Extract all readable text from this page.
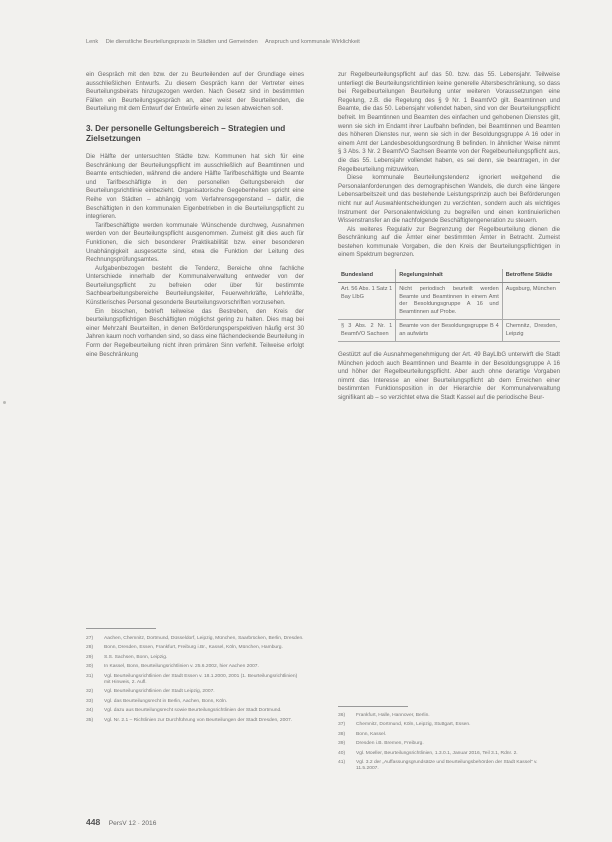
Lenk Die dienstliche Beurteilungspraxis in Städten und Gemeinden Anspruch und kommunale Wirklichkeit

ein Gespräch mit den bzw. der zu Beurteilenden auf der Grundlage eines ausschließlichen Entwurfs. Zu diesem Gespräch kann der Vertreter eines Beurteilungsbeirats hinzugezogen werden. Nach Gesetz sind in bestimmten Fällen ein Beurteilungsgespräch an, aber weist der Beurteilenden, die Beurteilung mit dem Entwurf der Entwürfe einen zu lesen abweichen soll.

3. Der personelle Geltungsbereich – Strategien und Zielsetzungen

Die Hälfte der untersuchten Städte bzw. Kommunen hat sich für eine Beschränkung der Beurteilungspflicht im ausschließlich auf Beamtinnen und Beamte entschieden, während die andere Hälfte Tarifbeschäftigte und Beamte und Tarifbeschäftigte in den personellen Geltungsbereich der Beurteilungsrichtlinie einbezieht. Organisatorische Gegebenheiten spricht eine Reihe von Städten – abhängig vom Verfahrensgegenstand – dafür, die Beschäftigten in den kommunalen Eigenbetrieben in die Beurteilungspflicht zu integrieren.

Tarifbeschäftigte werden kommunale Wünschende durchweg, Ausnahmen werden von der Beurteilungspflicht ausgenommen. Zumeist gilt dies auch für Funktionen, die sich besonderer Praktikabilität bzw. einer besonderen Unabhängigkeit ausgesetzte sind, etwa die Funktion der Leitung des Rechnungsprüfungsamtes.

Aufgabenbezogen besteht die Tendenz, Bereiche ohne fachliche Unterschiede innerhalb der Kommunalverwaltung entweder von der Beurteilungspflicht zu befreien oder über für bestimmte Sachbearbeitungsbereiche Beurteilungsleiter, Feuerwehrkräfte, Lehrkräfte, Künstlerisches Personal gesonderte Beurteilungsvorschriften vorzusehen.

Ein bisschen, betrieft teilweise das Bestreben, den Kreis der beurteilungspflichtigen Beschäftigten möglichst gering zu halten. Dies mag bei einer Mehrzahl Beurteilten, in denen Beförderungsperspektiven häufig erst 30 Jahren kaum noch vorhanden sind, so dass eine flächendeckende Beurteilung in Form der Regelbeurteilung nicht ihren primären Sinn verfehlt. Teilweise erfolgt eine Beschränkung

27)	Aachen, Chemnitz, Dortmund, Düsseldorf, Leipzig, München, Saarbrücken, Berlin, Dresden.
28)	Bonn, Dresden, Essen, Frankfurt, Freiburg i.Br., Kassel, Köln, München, Hamburg.
29)	S.S. Sachsen, Bonn, Leipzig.
30)	In Kassel, Bonn, Beurteilungsrichtlinien v. 25.6.2002, hier Aachen 2007.
31)	Vgl. Beurteilungsrichtlinien der Stadt Essen v. 18.1.2000, 2001 (1. Beurteilungsrichtlinien) mit Hinweis, 2. Aufl.
32)	Vgl. Beurteilungsrichtlinien der Stadt Leipzig, 2007.
33)	Vgl. das Beurteilungsrecht in Berlin, Aachen, Bonn, Köln.
34)	Vgl. dazu aus Beurteilungsrecht sowie Beurteilungsrichtlinien der Stadt Dortmund.
35)	Vgl. Nr. 2.1 – Richtlinien zur Durchführung von Beurteilungen der Stadt Dresden, 2007.

zur Regelbeurteilungspflicht auf das 50. bzw. das 55. Lebensjahr. Teilweise unterliegt die Beurteilungsrichtlinien keine generelle Altersbeschränkung, so dass bei Regelbeurteilungen Beurteilung unter weiteren Voraussetzungen eine Regelung, z.B. die Regelung des § 9 Nr. 1 BeamtVO gilt. Beamtinnen und Beamte, die das 50. Lebensjahr vollendet haben, sind von der Beurteilungspflicht befreit. Im Beamtinnen und Beamten des einfachen und gehobenen Dienstes gilt, wenn sie sich im Endamt ihrer Laufbahn befinden, bei Beamtinnen und Beamten des höheren Dienstes nur, wenn sie sich in der Besoldungsgruppe A 16 oder in einem Amt der Landesbesoldungsordnung B befinden. In ähnlicher Weise nimmt § 3 Abs. 3 Nr. 2 BeamtVO Sachsen Beamte von der Regelbeurteilungspflicht aus, die das 55. Lebensjahr vollendet haben, es sei denn, sie beantragen, in der Regelbeurteilung mitzuwirken.

Diese kommunale Beurteilungstendenz ignoriert weitgehend die Personalanforderungen des demographischen Wandels, die durch eine längere Lebensarbeitszeit und das bestehende Leistungsprinzip auch bei Beförderungen nicht nur auf Auswahlentscheidungen zu verzichten, sondern auch als wichtiges Instrument der Personalentwicklung zu begreifen und einen kontinuierlichen Wissenstransfer an die nachfolgende Beschäftigtengeneration zu steuern.

Als weiteres Regulativ zur Begrenzung der Regelbeurteilung dienen die Beschränkung auf die Ämter einer bestimmten Ämter in Betracht. Zumeist bestehen kommunale Vorgaben, die den Kreis der Beurteilungspflichtigen in einem Spektrum begrenzen.

Bundesland	Regelungsinhalt	Betroffene Städte
Art. 56 Abs. 1 Satz 1 Bay LlbG	Nicht periodisch beurteilt werden Beamte und Beamtinnen in einem Amt der Besoldungsgruppe A 16 und Beamtinnen auf Probe.	Augsburg, München
§ 3 Abs. 2 Nr. 1 BeamtVO Sachsen	Beamte von der Besoldungsgruppe B 4 an aufwärts	Chemnitz, Dresden, Leipzig

Gestützt auf die Ausnahmegenehmigung der Art. 49 BayLlbG unterwirft die Stadt München jedoch auch Beamtinnen und Beamte in der Besoldungsgruppe A 16 und höher der Regelbeurteilungspflicht. Aber auch ohne derartige Vorgaben nimmt das Interesse an einer Beurteilungspflicht ab dem Erreichen einer bestimmten Funktionsposition in der Hierarchie der Kommunalverwaltung signifikant ab – so verzichtet etwa die Stadt Kassel auf die periodische Beur-

36)	Frankfurt, Halle, Hannover, Berlin.
37)	Chemnitz, Dortmund, Köln, Leipzig, Stuttgart, Essen.
38)	Bonn, Kassel.
39)	Dresden i.B. Bremen, Freiburg.
40)	Vgl. Moeller, Beurteilungsrichtlinien, 1.3.0.1, Januar 2016, Teil 3.1, Rdnr. 2.
41)	Vgl. 3.2 der „Auffassungsgrundsätze und Beurteilungsbehörden der Stadt Kassel“ v. 11.5.2007.
448 PersV 12 · 2016
